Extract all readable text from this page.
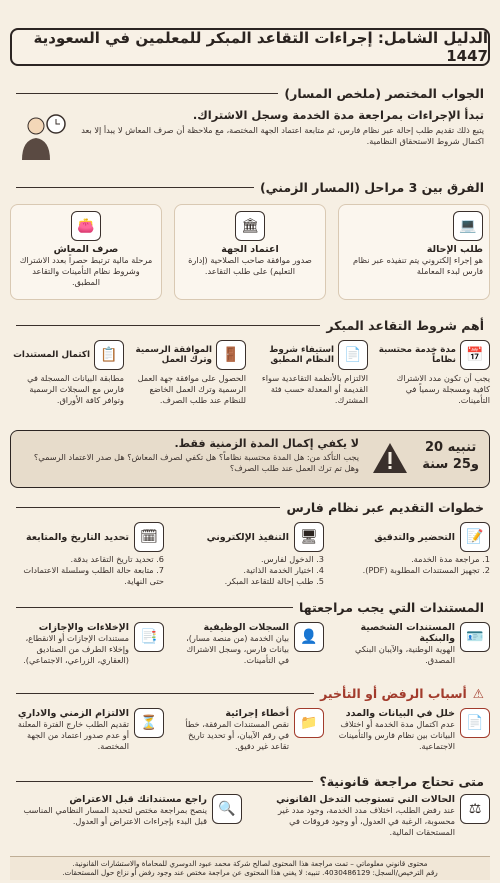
الدليل الشامل: إجراءات التقاعد المبكر للمعلمين في السعودية 1447
الجواب المختصر (ملخص المسار)
تبدأ الإجراءات بمراجعة مدة الخدمة وسجل الاشتراك.
يتبع ذلك تقديم طلب إحالة عبر نظام فارس، ثم متابعة اعتماد الجهة المختصة، مع ملاحظة أن صرف المعاش لا يبدأ إلا بعد اكتمال شروط الاستحقاق النظامية.
الفرق بين 3 مراحل (المسار الزمني)
💻
طلب الإحالة
هو إجراء إلكتروني يتم تنفيذه عبر نظام فارس لبدء المعاملة
🏛
اعتماد الجهة
صدور موافقة صاحب الصلاحية (إدارة التعليم) على طلب التقاعد.
👛
صرف المعاش
مرحلة مالية ترتبط حصراً بعدد الاشتراك وشروط نظام التأمينات والتقاعد المطبق.
أهم شروط التقاعد المبكر
📅
مدة خدمة محتسبة نظاماً
يجب أن تكون مدد الاشتراك كافية ومسجلة رسمياً في التأمينات.
📄
استيفاء شروط النظام المطبق
الالتزام بالأنظمة التقاعدية سواء القديمة أو المعدلة حسب فئة المشترك.
🚪
الموافقة الرسمية وترك العمل
الحصول على موافقة جهة العمل الرسمية وترك العمل الخاضع للنظام عند طلب الصرف.
📋
اكتمال المستندات
مطابقة البيانات المسجلة في فارس مع السجلات الرسمية وتوافر كافة الأوراق.
تنبيه 20
و25 سنة
لا يكفي إكمال المدة الزمنية فقط.
يجب التأكد من: هل المدة محتسبة نظاماً؟ هل تكفي لصرف المعاش؟ هل صدر الاعتماد الرسمي؟ وهل تم ترك العمل عند طلب الصرف؟
خطوات التقديم عبر نظام فارس
📝
التحضير والتدقيق
1. مراجعة مدة الخدمة.
2. تجهيز المستندات المطلوبة (PDF).
🖥
التنفيذ الإلكتروني
3. الدخول لفارس.
4. اختيار الخدمة الذاتية.
5. طلب إحالة للتقاعد المبكر.
🗓
تحديد التاريخ والمتابعة
6. تحديد تاريخ التقاعد بدقة.
7. متابعة حالة الطلب وسلسلة الاعتمادات حتى النهاية.
المستندات التي يجب مراجعتها
🪪
المستندات الشخصية والبنكية
الهوية الوطنية، والآيبان البنكي المصدق.
👤
السجلات الوظيفية
بيان الخدمة (من منصة مسار)، بيانات فارس، وسجل الاشتراك في التأمينات.
📑
الإخلاءات والإجازات
مستندات الإجازات أو الانقطاع، وإخلاء الطرف من الصناديق (العقاري، الزراعي، الاجتماعي).
⚠
أسباب الرفض أو التأخير
📄
خلل في البيانات والمدد
عدم اكتمال مدة الخدمة أو اختلاف البيانات بين نظام فارس والتأمينات الاجتماعية.
📁
أخطاء إجرائية
نقص المستندات المرفقة، خطأ في رقم الآيبان، أو تحديد تاريخ تقاعد غير دقيق.
⏳
الالتزام الزمني والاداري
تقديم الطلب خارج الفترة المعلنة أو عدم صدور اعتماد من الجهة المختصة.
متى تحتاج مراجعة قانونية؟
⚖
الحالات التي تستوجب التدخل القانوني
عند رفض الطلب، اختلاف مدد الخدمة، وجود مدد غير محسوبة، الرغبة في العدول، أو وجود فروقات في المستحقات المالية.
🔍
راجع مستنداتك قبل الاعتراض
ينصح بمراجعة مختص لتحديد المسار النظامي المناسب قبل البدء بإجراءات الاعتراض أو العدول.
محتوى قانوني معلوماتي – تمت مراجعة هذا المحتوى لصالح شركة محمد عبود الدوسري للمحاماة والاستشارات القانونية.
رقم الترخيص/السجل: 4030486129. تنبيه: لا يغني هذا المحتوى عن مراجعة مختص عند وجود رفض أو نزاع حول المستحقات.
